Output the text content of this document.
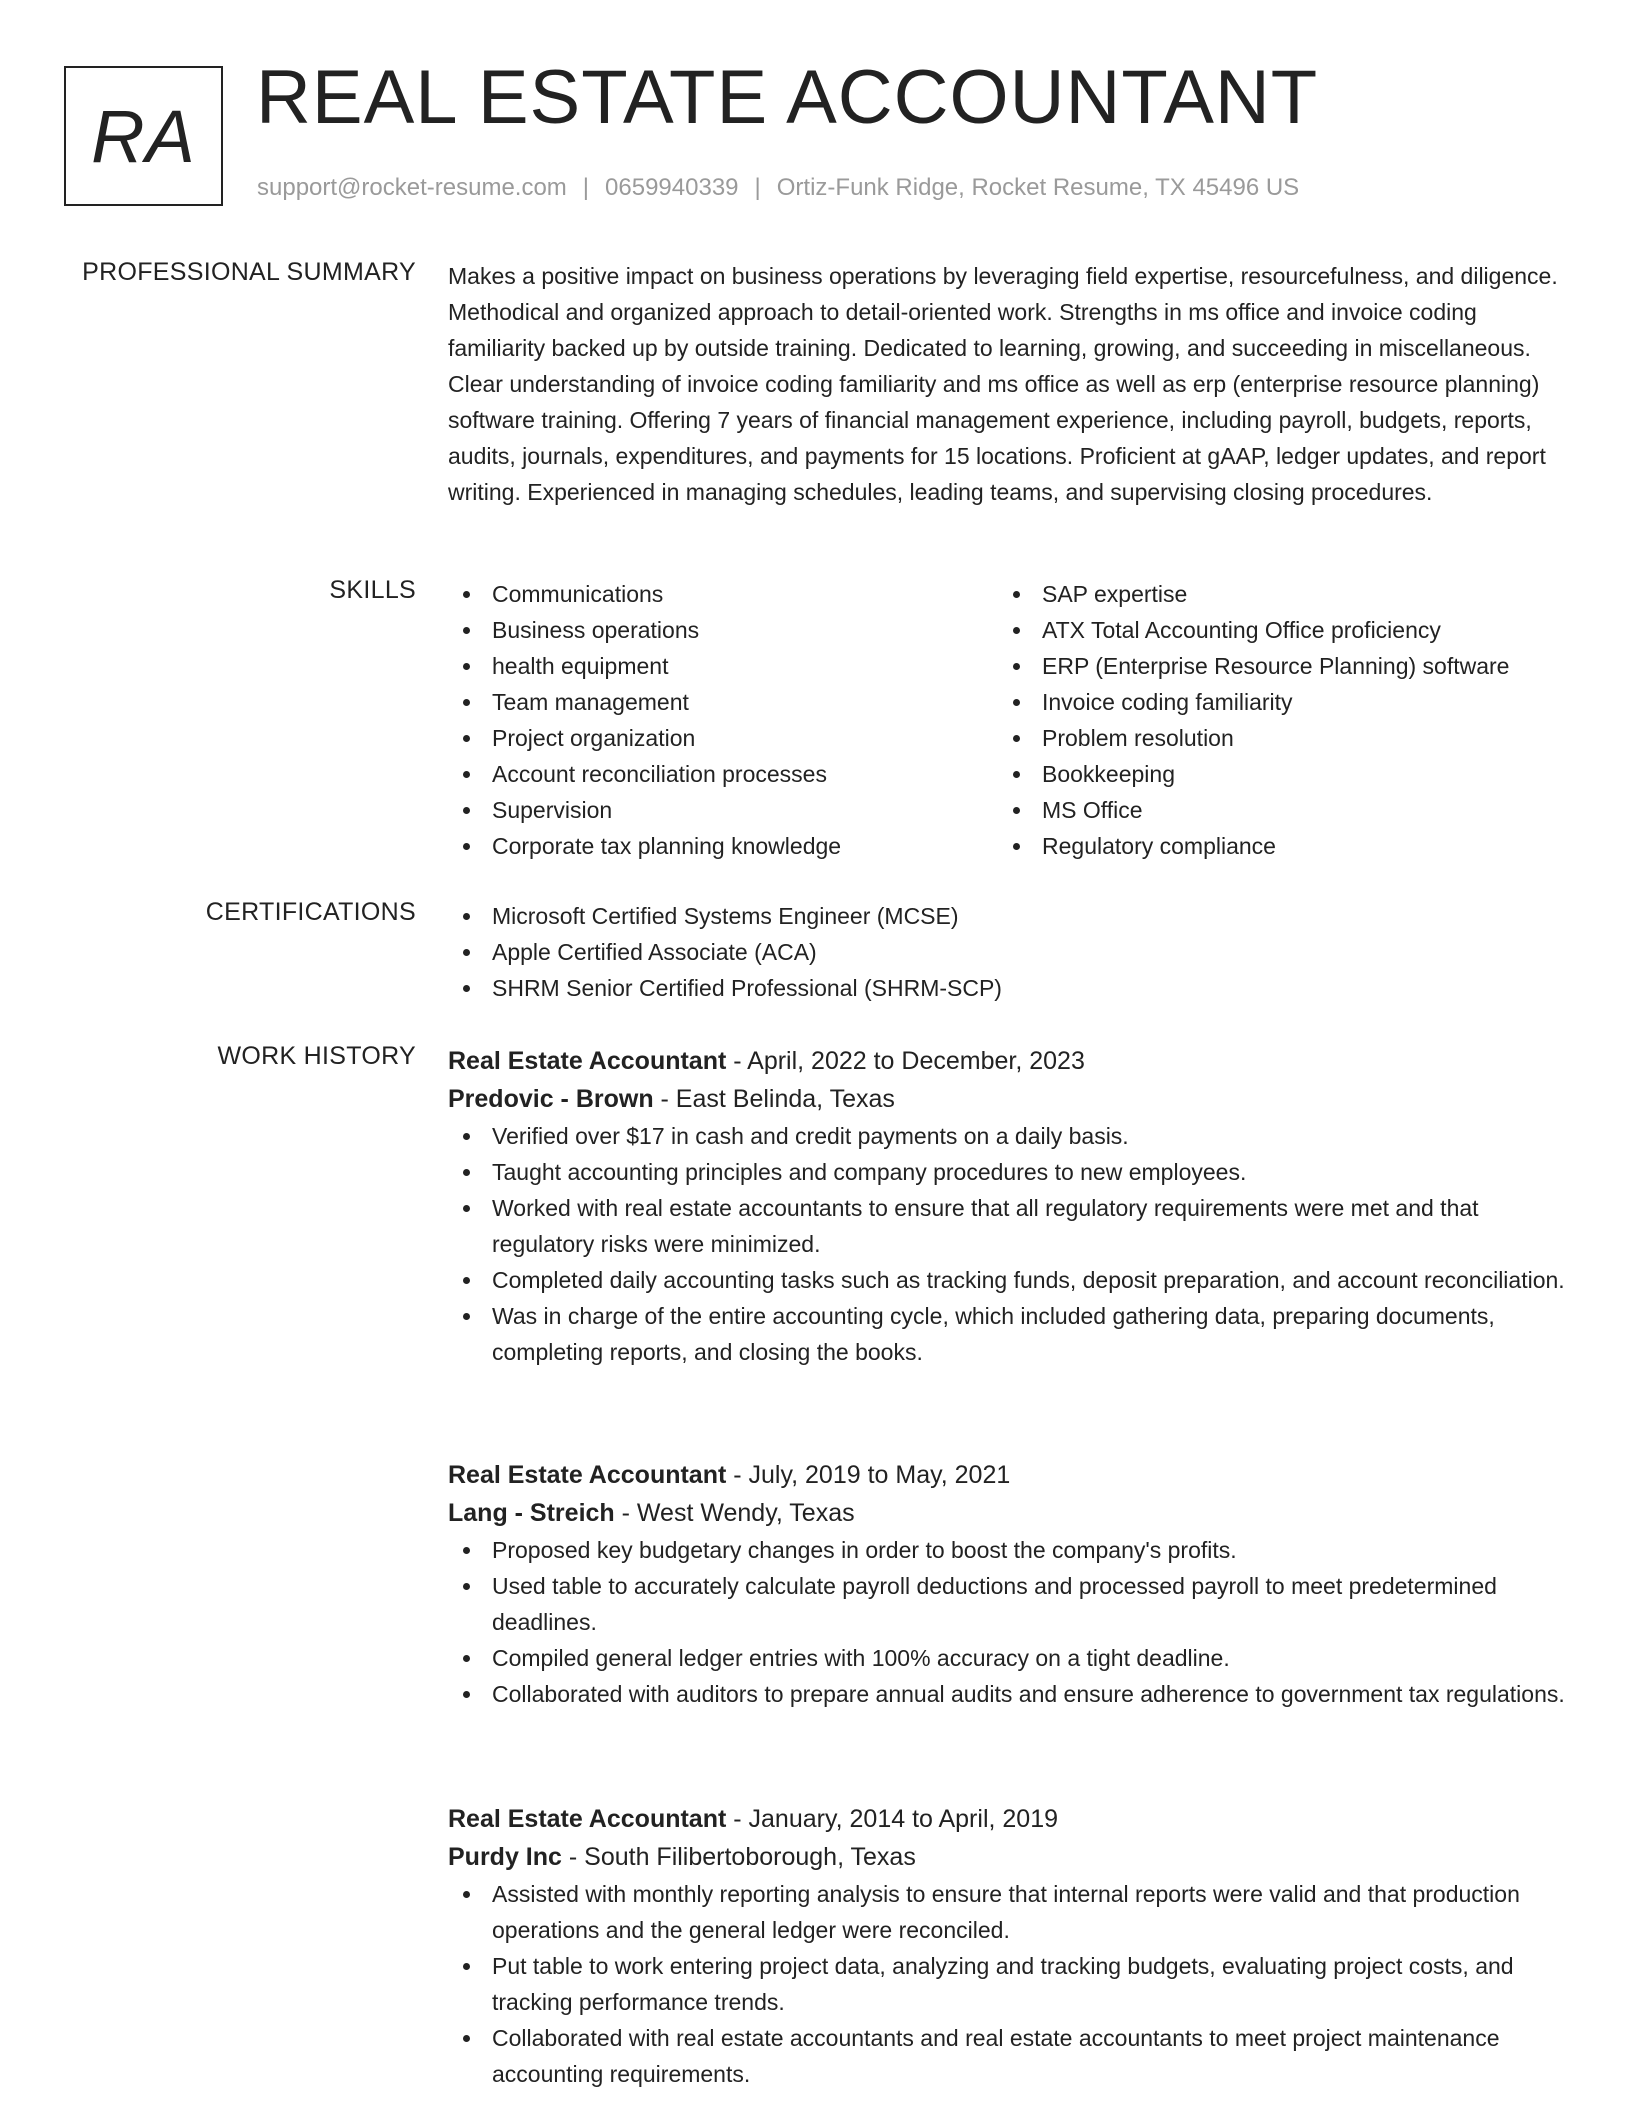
RA REAL ESTATE ACCOUNTANT
support@rocket-resume.com | 0659940339 | Ortiz-Funk Ridge, Rocket Resume, TX 45496 US
PROFESSIONAL SUMMARY Makes a positive impact on business operations by leveraging field expertise, resourcefulness, and diligence. Methodical and organized approach to detail-oriented work. Strengths in ms office and invoice coding familiarity backed up by outside training. Dedicated to learning, growing, and succeeding in miscellaneous. Clear understanding of invoice coding familiarity and ms office as well as erp (enterprise resource planning) software training. Offering 7 years of financial management experience, including payroll, budgets, reports, audits, journals, expenditures, and payments for 15 locations. Proficient at gAAP, ledger updates, and report writing. Experienced in managing schedules, leading teams, and supervising closing procedures.

SKILLS	Communications
Business operations
health equipment
Team management
Project organization
Account reconciliation processes
Supervision
Corporate tax planning knowledge
SAP expertise
ATX Total Accounting Office proficiency
ERP (Enterprise Resource Planning) software
Invoice coding familiarity
Problem resolution
Bookkeeping
MS Office
Regulatory compliance
CERTIFICATIONS	Microsoft Certified Systems Engineer (MCSE)
Apple Certified Associate (ACA)
SHRM Senior Certified Professional (SHRM-SCP)
WORK HISTORY Real Estate Accountant - April, 2022 to December, 2023
Predovic - Brown - East Belinda, Texas
Verified over $17 in cash and credit payments on a daily basis.
Taught accounting principles and company procedures to new employees.
Worked with real estate accountants to ensure that all regulatory requirements were met and that regulatory risks were minimized.
Completed daily accounting tasks such as tracking funds, deposit preparation, and account reconciliation.
Was in charge of the entire accounting cycle, which included gathering data, preparing documents, completing reports, and closing the books.
Real Estate Accountant - July, 2019 to May, 2021
Lang - Streich - West Wendy, Texas
Proposed key budgetary changes in order to boost the company's profits.
Used table to accurately calculate payroll deductions and processed payroll to meet predetermined deadlines.
Compiled general ledger entries with 100% accuracy on a tight deadline.
Collaborated with auditors to prepare annual audits and ensure adherence to government tax regulations.
Real Estate Accountant - January, 2014 to April, 2019
Purdy Inc - South Filibertoborough, Texas
Assisted with monthly reporting analysis to ensure that internal reports were valid and that production operations and the general ledger were reconciled.
Put table to work entering project data, analyzing and tracking budgets, evaluating project costs, and tracking performance trends.
Collaborated with real estate accountants and real estate accountants to meet project maintenance accounting requirements.
